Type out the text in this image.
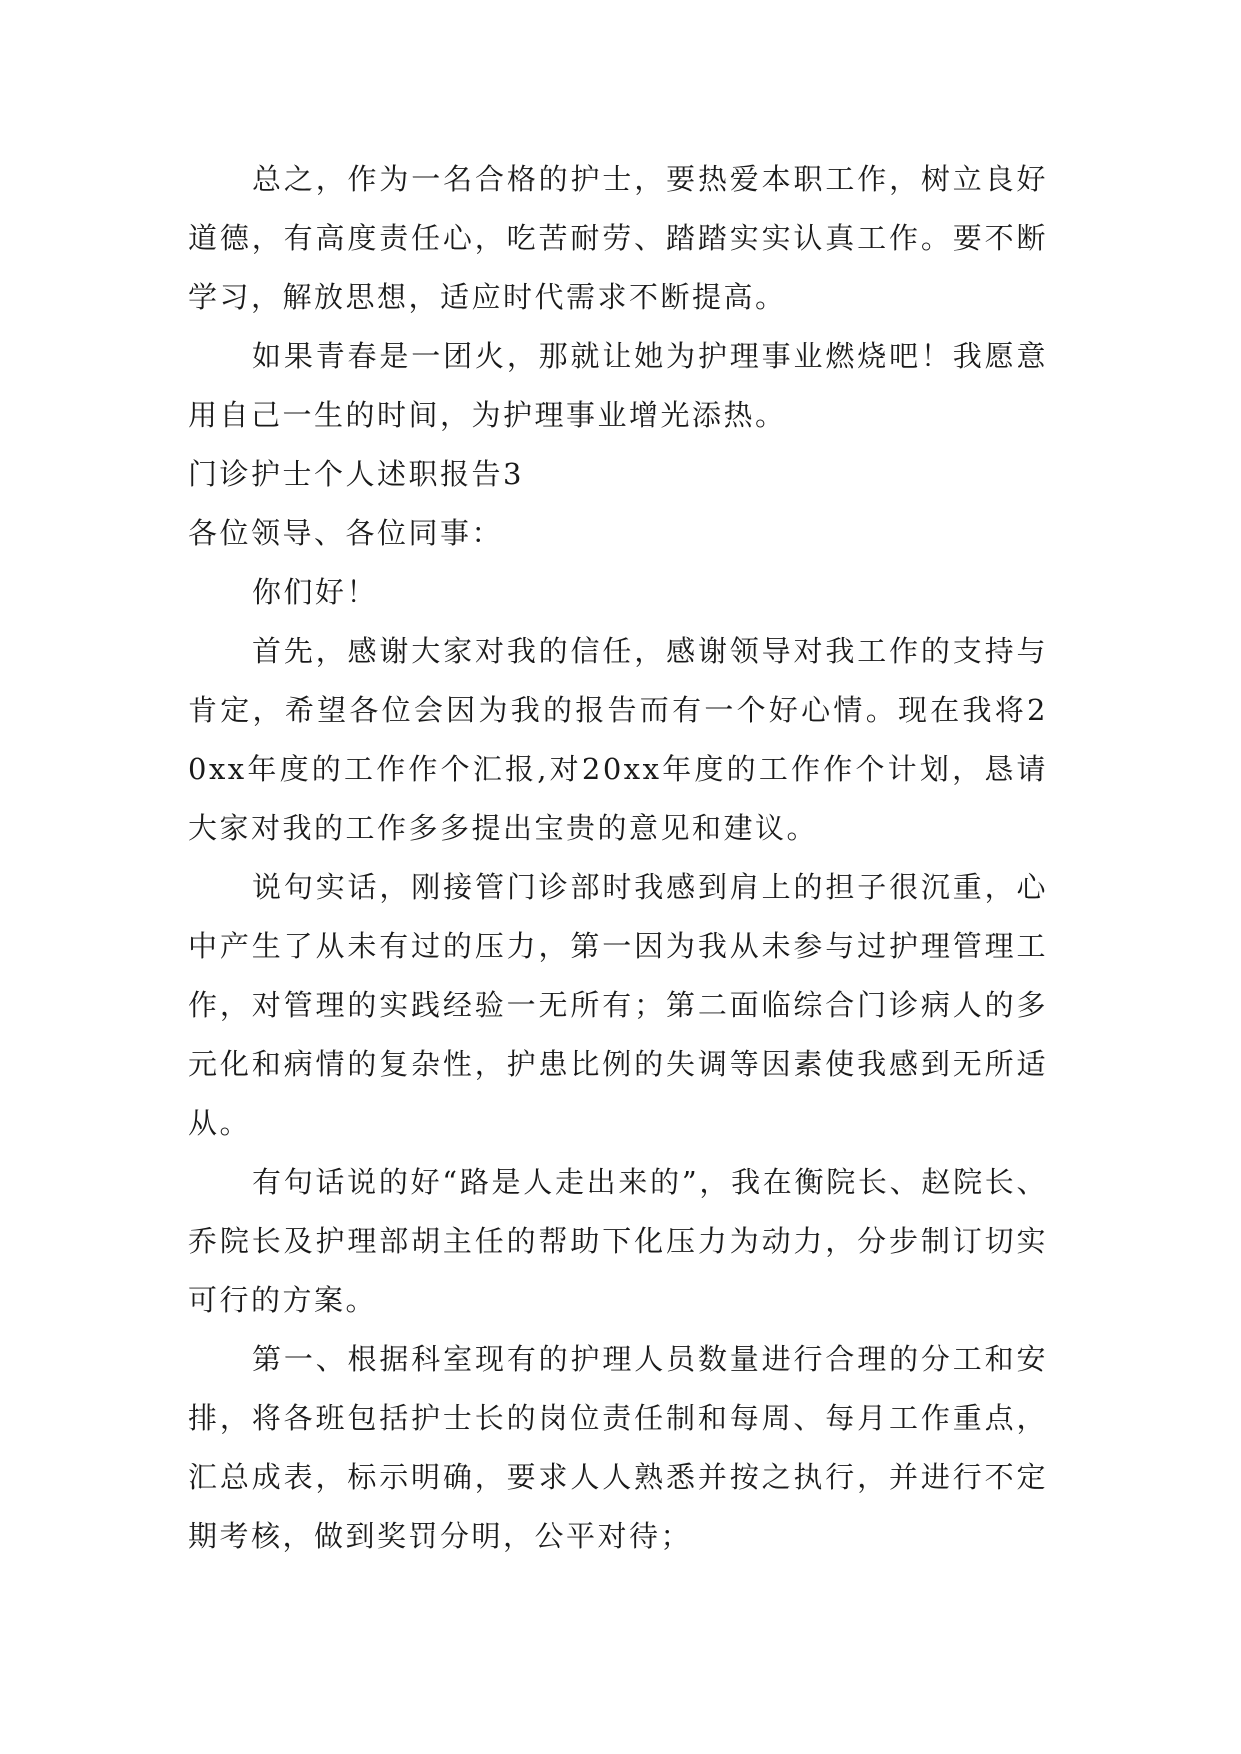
总之，作为一名合格的护士，要热爱本职工作，树立良好道德，有高度责任心，吃苦耐劳、踏踏实实认真工作。要不断学习，解放思想，适应时代需求不断提高。

如果青春是一团火，那就让她为护理事业燃烧吧！我愿意用自己一生的时间，为护理事业增光添热。

门诊护士个人述职报告3

各位领导、各位同事：

你们好！

首先，感谢大家对我的信任，感谢领导对我工作的支持与肯定，希望各位会因为我的报告而有一个好心情。现在我将20xx年度的工作作个汇报,对20xx年度的工作作个计划，恳请大家对我的工作多多提出宝贵的意见和建议。

说句实话，刚接管门诊部时我感到肩上的担子很沉重，心中产生了从未有过的压力，第一因为我从未参与过护理管理工作，对管理的实践经验一无所有；第二面临综合门诊病人的多元化和病情的复杂性，护患比例的失调等因素使我感到无所适从。

有句话说的好“路是人走出来的”，我在衡院长、赵院长、乔院长及护理部胡主任的帮助下化压力为动力，分步制订切实可行的方案。

第一、根据科室现有的护理人员数量进行合理的分工和安排，将各班包括护士长的岗位责任制和每周、每月工作重点，汇总成表，标示明确，要求人人熟悉并按之执行，并进行不定期考核，做到奖罚分明，公平对待；
